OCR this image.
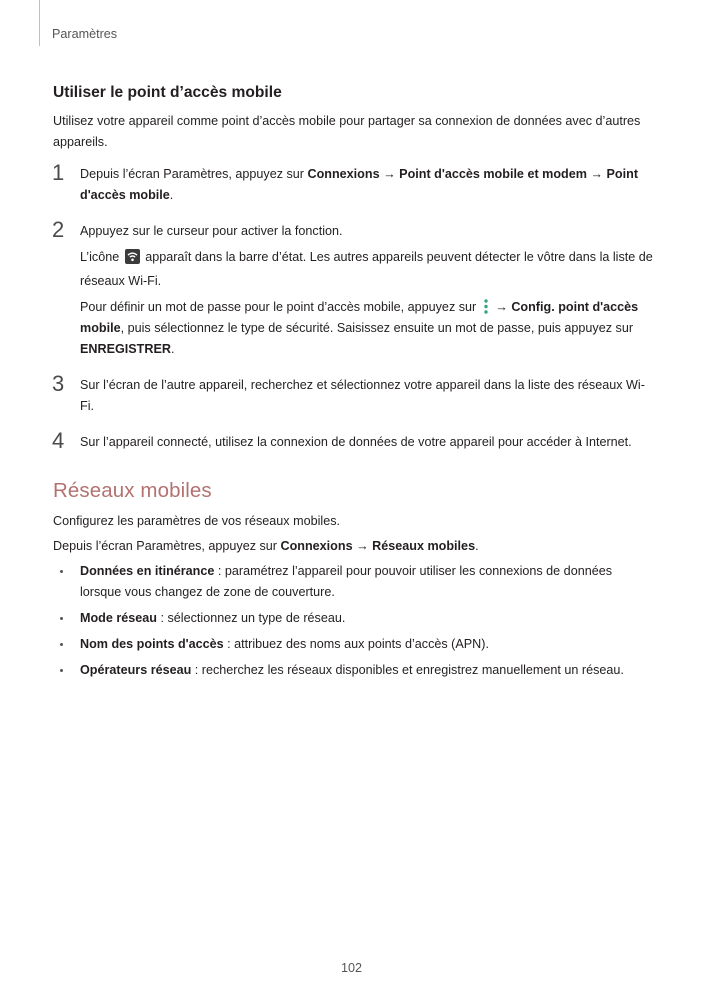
Paramètres
Utiliser le point d’accès mobile

Utilisez votre appareil comme point d’accès mobile pour partager sa connexion de données avec d’autres appareils.

1 Depuis l’écran Paramètres, appuyez sur Connexions → Point d'accès mobile et modem → Point d'accès mobile.

2 Appuyez sur le curseur pour activer la fonction.

L’icône apparaît dans la barre d’état. Les autres appareils peuvent détecter le vôtre dans la liste de réseaux Wi-Fi.

Pour définir un mot de passe pour le point d’accès mobile, appuyez sur → Config. point d'accès mobile, puis sélectionnez le type de sécurité. Saisissez ensuite un mot de passe, puis appuyez sur ENREGISTRER.

3 Sur l’écran de l’autre appareil, recherchez et sélectionnez votre appareil dans la liste des réseaux Wi-Fi.

4 Sur l’appareil connecté, utilisez la connexion de données de votre appareil pour accéder à Internet.

Réseaux mobiles

Configurez les paramètres de vos réseaux mobiles.

Depuis l’écran Paramètres, appuyez sur Connexions → Réseaux mobiles.

Données en itinérance : paramétrez l’appareil pour pouvoir utiliser les connexions de données lorsque vous changez de zone de couverture.
Mode réseau : sélectionnez un type de réseau.
Nom des points d'accès : attribuez des noms aux points d’accès (APN).
Opérateurs réseau : recherchez les réseaux disponibles et enregistrez manuellement un réseau.
102
